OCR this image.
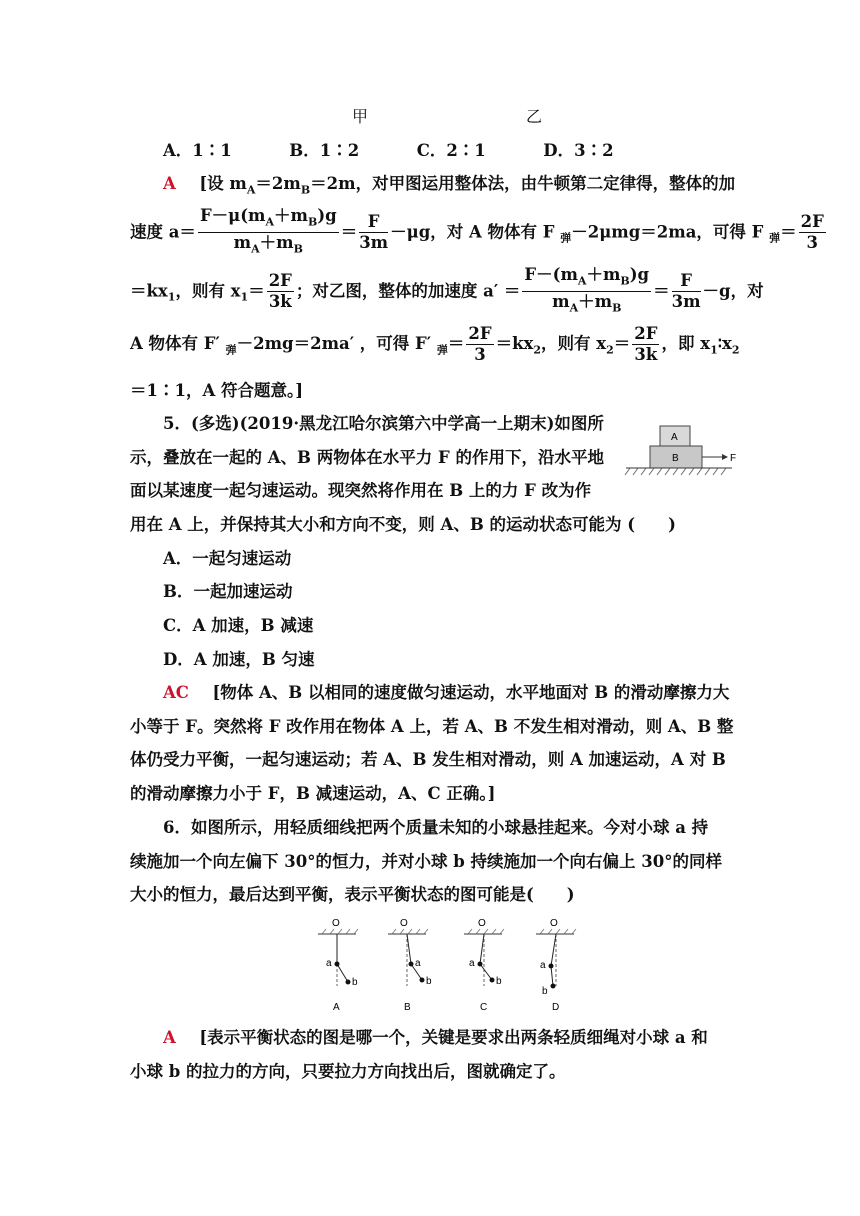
甲	乙
A．1∶1	B．1∶2	C．2∶1	D．3∶2
A [设 $m_A=2m_B=2m$，对甲图运用整体法，由牛顿第二定律得，整体的加
速度 $a= \frac{F-\mu(m_A+m_B)g}{m_A+m_B} = \frac{F}{3m} -\mu g$，对 A 物体有 F $_弹$－2μmg＝2ma，可得 F $_弹= \frac{2F}{3}$
$=kx_1$，则有 $x_1= \frac{2F}{3k}$ ；对乙图，整体的加速度 $a' = \frac{F-(m_A+m_B)g}{m_A+m_B} = \frac{F}{3m} -g$，对
A 物体有 F′ $_弹$－2mg＝2ma′ ，可得 F′ $_弹= \frac{2F}{3} =kx_2$，则有 $x_2= \frac{2F}{3k}$ ，即 $x_1∶x_2$
＝1∶1，A 符合题意。]
5．(多选)(2019·黑龙江哈尔滨第六中学高一上期末)如图所
示，叠放在一起的 A、B 两物体在水平力 F 的作用下，沿水平地
面以某速度一起匀速运动。现突然将作用在 B 上的力 F 改为作
用在 A 上，并保持其大小和方向不变，则 A、B 的运动状态可能为 (　　)
A
B	F
A．一起匀速运动
B．一起加速运动
C．A 加速，B 减速
D．A 加速，B 匀速
AC [物体 A、B 以相同的速度做匀速运动，水平地面对 B 的滑动摩擦力大
小等于 F。突然将 F 改作用在物体 A 上，若 A、B 不发生相对滑动，则 A、B 整
体仍受力平衡，一起匀速运动；若 A、B 发生相对滑动，则 A 加速运动，A 对 B
的滑动摩擦力小于 F，B 减速运动，A、C 正确。]
6．如图所示，用轻质细线把两个质量未知的小球悬挂起来。今对小球 a 持
续施加一个向左偏下 30°的恒力，并对小球 b 持续施加一个向右偏上 30°的同样
大小的恒力，最后达到平衡，表示平衡状态的图可能是(　　)
O
a
b
A
O
a
b
B
O
a
b
C
O
a
b
D
A [表示平衡状态的图是哪一个，关键是要求出两条轻质细绳对小球 a 和
小球 b 的拉力的方向，只要拉力方向找出后，图就确定了。
